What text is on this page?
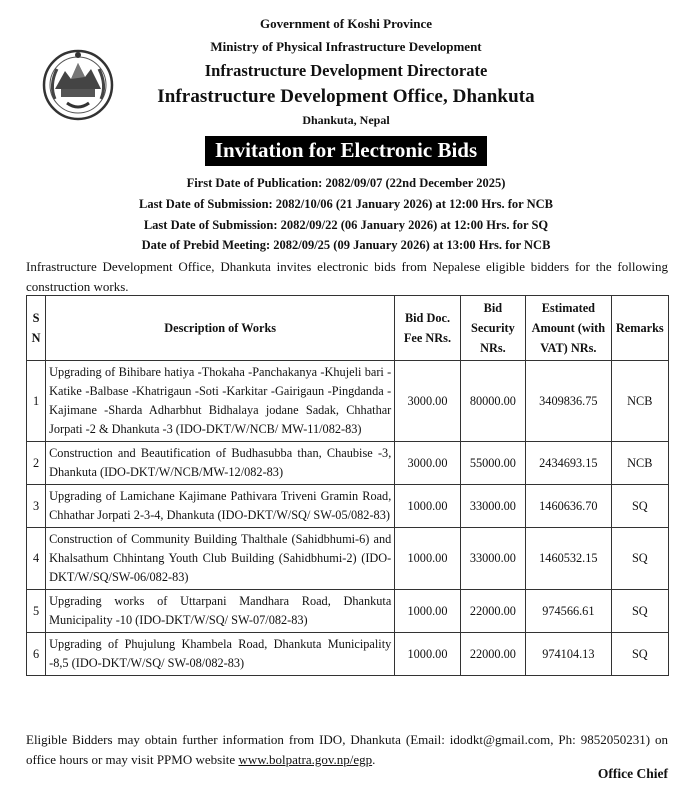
Government of Koshi Province
Ministry of Physical Infrastructure Development
Infrastructure Development Directorate
Infrastructure Development Office, Dhankuta
Dhankuta, Nepal
Invitation for Electronic Bids
First Date of Publication: 2082/09/07 (22nd December 2025)
Last Date of Submission: 2082/10/06 (21 January 2026) at 12:00 Hrs. for NCB
Last Date of Submission: 2082/09/22 (06 January 2026) at 12:00 Hrs. for SQ
Date of Prebid Meeting: 2082/09/25 (09 January 2026) at 13:00 Hrs. for NCB
Infrastructure Development Office, Dhankuta invites electronic bids from Nepalese eligible bidders for the following construction works.
S N	Description of Works	Bid Doc. Fee NRs.	Bid Security NRs.	Estimated Amount (with VAT) NRs.	Remarks
1	Upgrading of Bihibare hatiya -Thokaha -Panchakanya -Khujeli bari -Katike -Balbase -Khatrigaun -Soti -Karkitar -Gairigaun -Pingdanda -Kajimane -Sharda Adharbhut Bidhalaya jodane Sadak, Chhathar Jorpati -2 & Dhankuta -3 (IDO-DKT/W/NCB/ MW-11/082-83)	3000.00	80000.00	3409836.75	NCB
2	Construction and Beautification of Budhasubba than, Chaubise -3, Dhankuta (IDO-DKT/W/NCB/MW-12/082-83)	3000.00	55000.00	2434693.15	NCB
3	Upgrading of Lamichane Kajimane Pathivara Triveni Gramin Road, Chhathar Jorpati 2-3-4, Dhankuta (IDO-DKT/W/SQ/ SW-05/082-83)	1000.00	33000.00	1460636.70	SQ
4	Construction of Community Building Thalthale (Sahidbhumi-6) and Khalsathum Chhintang Youth Club Building (Sahidbhumi-2) (IDO-DKT/W/SQ/SW-06/082-83)	1000.00	33000.00	1460532.15	SQ
5	Upgrading works of Uttarpani Mandhara Road, Dhankuta Municipality -10 (IDO-DKT/W/SQ/ SW-07/082-83)	1000.00	22000.00	974566.61	SQ
6	Upgrading of Phujulung Khambela Road, Dhankuta Municipality -8,5 (IDO-DKT/W/SQ/ SW-08/082-83)	1000.00	22000.00	974104.13	SQ
Eligible Bidders may obtain further information from IDO, Dhankuta (Email: idodkt@gmail.com, Ph: 9852050231) on office hours or may visit PPMO website www.bolpatra.gov.np/egp.
Office Chief
